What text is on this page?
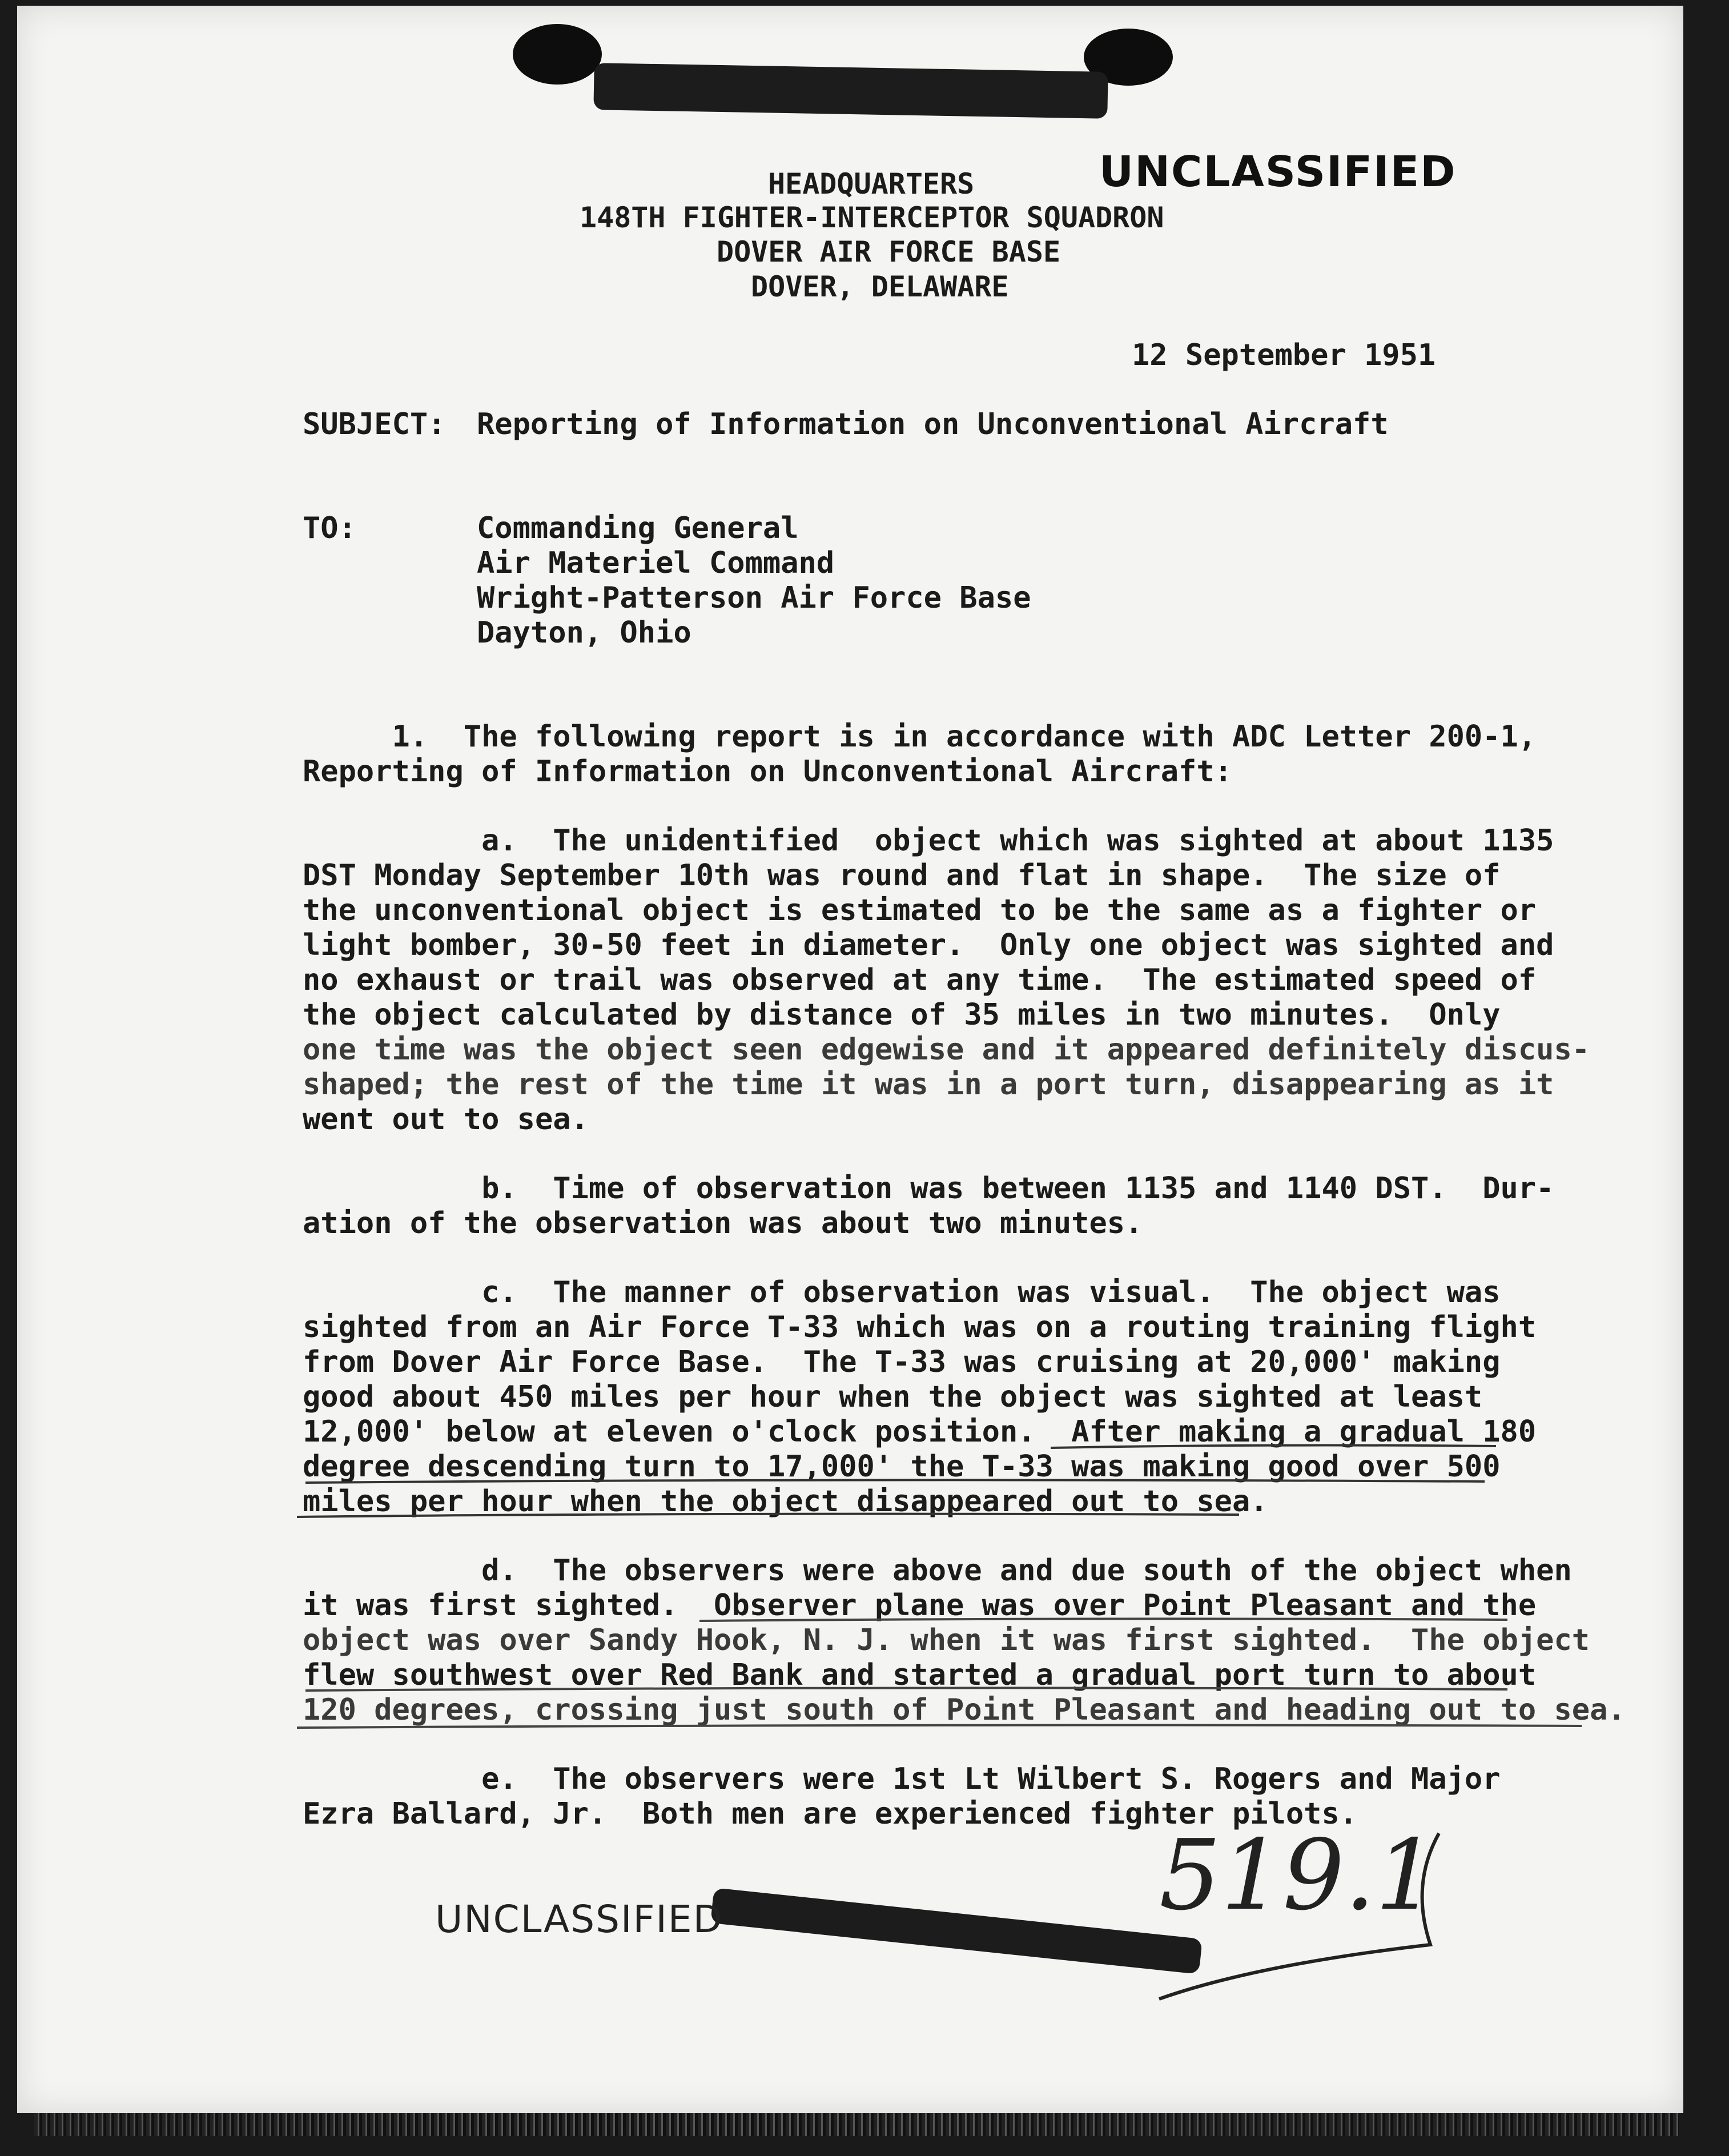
UNCLASSIFIED

HEADQUARTERS

148TH FIGHTER-INTERCEPTOR SQUADRON

DOVER AIR FORCE BASE

DOVER, DELAWARE

12 September 1951

SUBJECT: Reporting of Information on Unconventional Aircraft

TO:	Commanding General

Air Materiel Command

Wright-Patterson Air Force Base

Dayton, Ohio

1.  The following report is in accordance with ADC Letter 200-1,

Reporting of Information on Unconventional Aircraft:

a.  The unidentified  object which was sighted at about 1135

DST Monday September 10th was round and flat in shape.  The size of

the unconventional object is estimated to be the same as a fighter or

light bomber, 30-50 feet in diameter.  Only one object was sighted and

no exhaust or trail was observed at any time.  The estimated speed of

the object calculated by distance of 35 miles in two minutes.  Only

one time was the object seen edgewise and it appeared definitely discus-

shaped; the rest of the time it was in a port turn, disappearing as it

went out to sea.

b.  Time of observation was between 1135 and 1140 DST.  Dur-

ation of the observation was about two minutes.

c.  The manner of observation was visual.  The object was

sighted from an Air Force T-33 which was on a routing training flight

from Dover Air Force Base.  The T-33 was cruising at 20,000' making

good about 450 miles per hour when the object was sighted at least

12,000' below at eleven o'clock position.  After making a gradual 180

degree descending turn to 17,000' the T-33 was making good over 500

miles per hour when the object disappeared out to sea.

d.  The observers were above and due south of the object when

it was first sighted.  Observer plane was over Point Pleasant and the

object was over Sandy Hook, N. J. when it was first sighted.  The object

flew southwest over Red Bank and started a gradual port turn to about

120 degrees, crossing just south of Point Pleasant and heading out to sea.

e.  The observers were 1st Lt Wilbert S. Rogers and Major

Ezra Ballard, Jr.  Both men are experienced fighter pilots.

519.1
UNCLASSIFIED
